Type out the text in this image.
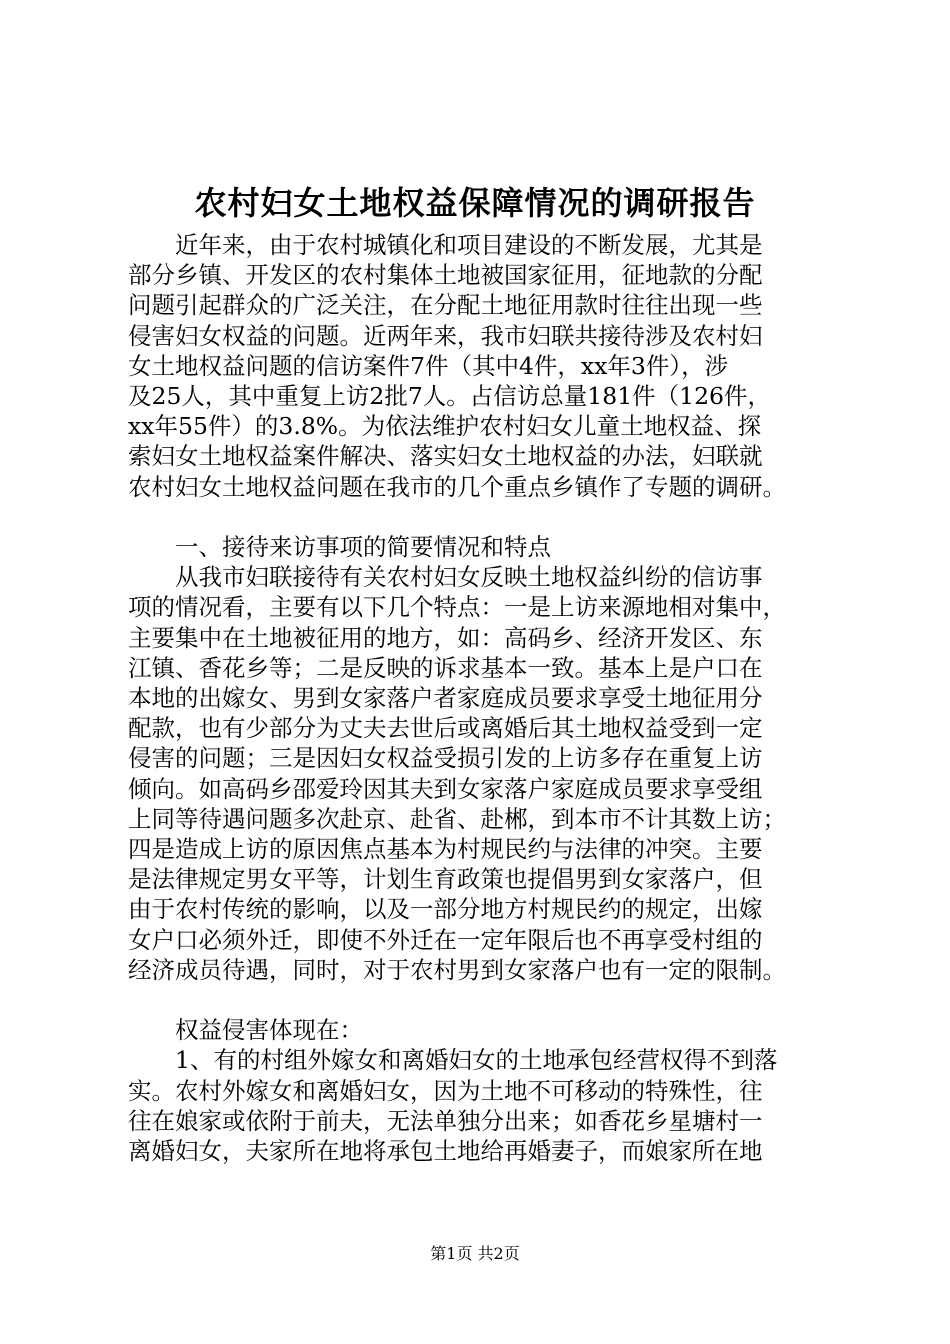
农村妇女土地权益保障情况的调研报告

近年来，由于农村城镇化和项目建设的不断发展，尤其是
部分乡镇、开发区的农村集体土地被国家征用，征地款的分配
问题引起群众的广泛关注，在分配土地征用款时往往出现一些
侵害妇女权益的问题。近两年来，我市妇联共接待涉及农村妇
女土地权益问题的信访案件7件（其中4件，xx年3件），涉
及25人，其中重复上访2批7人。占信访总量181件（126件，
xx年55件）的3.8%。为依法维护农村妇女儿童土地权益、探
索妇女土地权益案件解决、落实妇女土地权益的办法，妇联就
农村妇女土地权益问题在我市的几个重点乡镇作了专题的调研。

一、接待来访事项的简要情况和特点

从我市妇联接待有关农村妇女反映土地权益纠纷的信访事
项的情况看，主要有以下几个特点：一是上访来源地相对集中，
主要集中在土地被征用的地方，如：高码乡、经济开发区、东
江镇、香花乡等；二是反映的诉求基本一致。基本上是户口在
本地的出嫁女、男到女家落户者家庭成员要求享受土地征用分
配款，也有少部分为丈夫去世后或离婚后其土地权益受到一定
侵害的问题；三是因妇女权益受损引发的上访多存在重复上访
倾向。如高码乡邵爱玲因其夫到女家落户家庭成员要求享受组
上同等待遇问题多次赴京、赴省、赴郴，到本市不计其数上访；
四是造成上访的原因焦点基本为村规民约与法律的冲突。主要
是法律规定男女平等，计划生育政策也提倡男到女家落户，但
由于农村传统的影响，以及一部分地方村规民约的规定，出嫁
女户口必须外迁，即使不外迁在一定年限后也不再享受村组的
经济成员待遇，同时，对于农村男到女家落户也有一定的限制。

权益侵害体现在：

1、有的村组外嫁女和离婚妇女的土地承包经营权得不到落
实。农村外嫁女和离婚妇女，因为土地不可移动的特殊性，往
往在娘家或依附于前夫，无法单独分出来；如香花乡星塘村一
离婚妇女，夫家所在地将承包土地给再婚妻子，而娘家所在地

第1页 共2页
